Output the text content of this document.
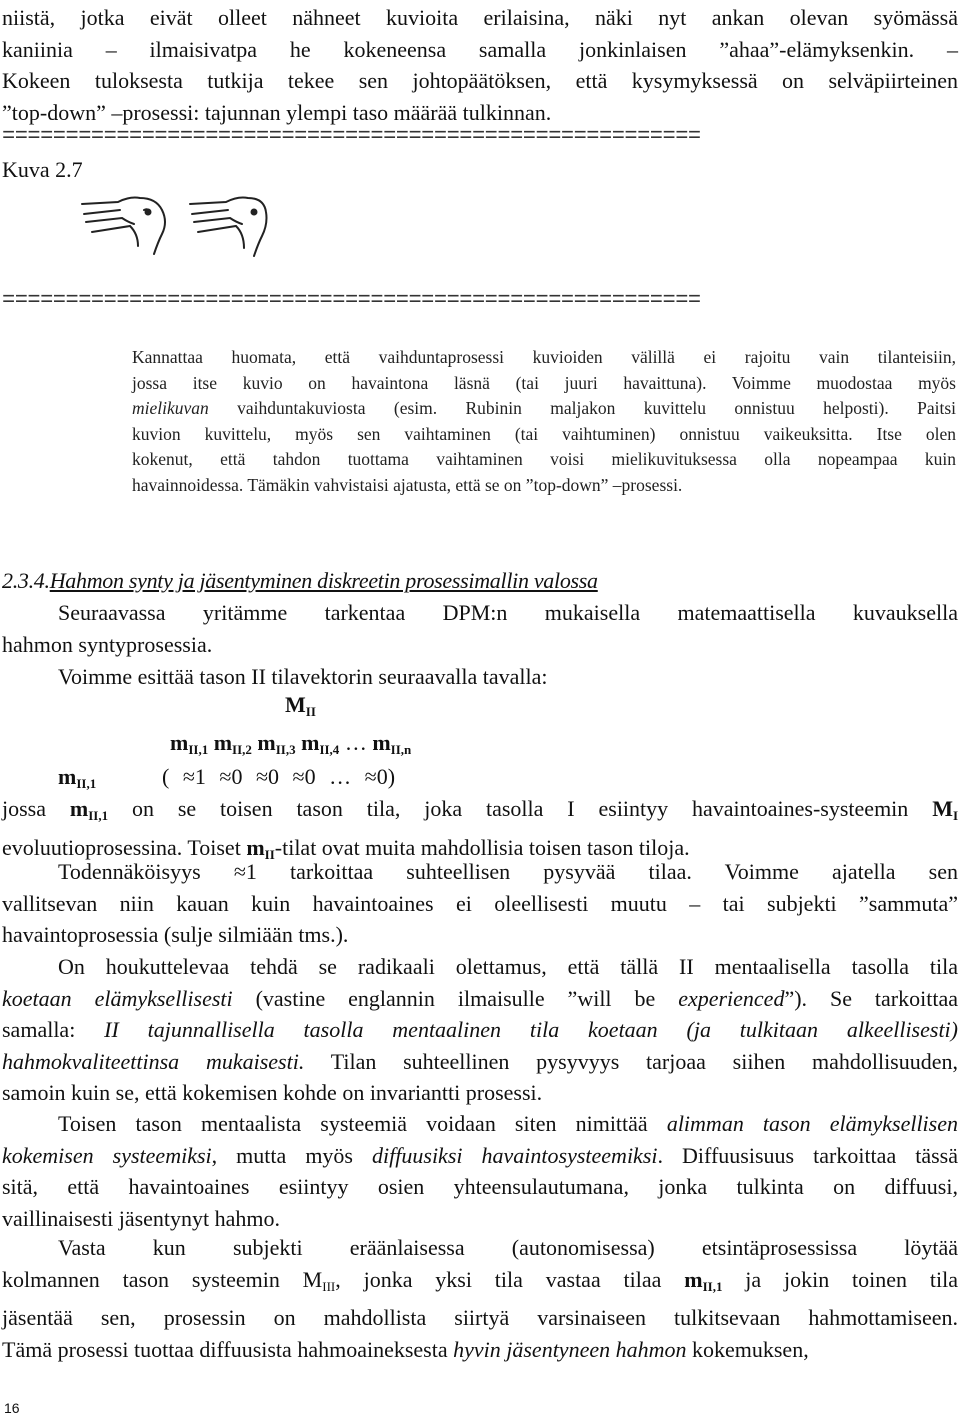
niistä, jotka eivät olleet nähneet kuvioita erilaisina, näki nyt ankan olevan syömässä
kaniinia – ilmaisivatpa he kokeneensa samalla jonkinlaisen ”ahaa”-elämyksenkin. –
Kokeen tuloksesta tutkija tekee sen johtopäätöksen, että kysymyksessä on selväpiirteinen
”top-down” –prosessi: tajunnan ylempi taso määrää tulkinnan.
=======================================================
Kuva 2.7
=======================================================
Kannattaa huomata, että vaihduntaprosessi kuvioiden välillä ei rajoitu vain tilanteisiin,
jossa itse kuvio on havaintona läsnä (tai juuri havaittuna). Voimme muodostaa myös
mielikuvan vaihduntakuviosta (esim. Rubinin maljakon kuvittelu onnistuu helposti). Paitsi
kuvion kuvittelu, myös sen vaihtaminen (tai vaihtuminen) onnistuu vaikeuksitta. Itse olen
kokenut, että tahdon tuottama vaihtaminen voisi mielikuvituksessa olla nopeampaa kuin
havainnoidessa. Tämäkin vahvistaisi ajatusta, että se on ”top-down” –prosessi.
2.3.4.Hahmon synty ja jäsentyminen diskreetin prosessimallin valossa
Seuraavassa yritämme tarkentaa DPM:n mukaisella matemaattisella kuvauksella
hahmon syntyprosessia.
Voimme esittää tason II tilavektorin seuraavalla tavalla:
$M_{II}$
$m_{II,1}$ $m_{II,2}$ $m_{II,3}$ $m_{II,4}$ … $m_{II,n}$
$m_{II,1}$	( ≈1 ≈0 ≈0 ≈0 … ≈0)
jossa $m_{II,1}$ on se toisen tason tila, joka tasolla I esiintyy havaintoaines-systeemin $M_I$
evoluutioprosessina. Toiset $m_{II}$-tilat ovat muita mahdollisia toisen tason tiloja.
Todennäköisyys ≈1 tarkoittaa suhteellisen pysyvää tilaa. Voimme ajatella sen
vallitsevan niin kauan kuin havaintoaines ei oleellisesti muutu – tai subjekti ”sammuta”
havaintoprosessia (sulje silmiään tms.).
On houkuttelevaa tehdä se radikaali olettamus, että tällä II mentaalisella tasolla tila
koetaan elämyksellisesti (vastine englannin ilmaisulle ”will be experienced”). Se tarkoittaa
samalla: II tajunnallisella tasolla mentaalinen tila koetaan (ja tulkitaan alkeellisesti)
hahmokvaliteettinsa mukaisesti. Tilan suhteellinen pysyvyys tarjoaa siihen mahdollisuuden,
samoin kuin se, että kokemisen kohde on invariantti prosessi.
Toisen tason mentaalista systeemiä voidaan siten nimittää alimman tason elämyksellisen
kokemisen systeemiksi, mutta myös diffuusiksi havaintosysteemiksi. Diffuusisuus tarkoittaa tässä
sitä, että havaintoaines esiintyy osien yhteensulautumana, jonka tulkinta on diffuusi,
vaillinaisesti jäsentynyt hahmo.
Vasta kun subjekti eräänlaisessa (autonomisessa) etsintäprosessissa löytää
kolmannen tason systeemin $M_{III}$, jonka yksi tila vastaa tilaa $m_{II,1}$ ja jokin toinen tila
jäsentää sen, prosessin on mahdollista siirtyä varsinaiseen tulkitsevaan hahmottamiseen.
Tämä prosessi tuottaa diffuusista hahmoaineksesta hyvin jäsentyneen hahmon kokemuksen,
16
